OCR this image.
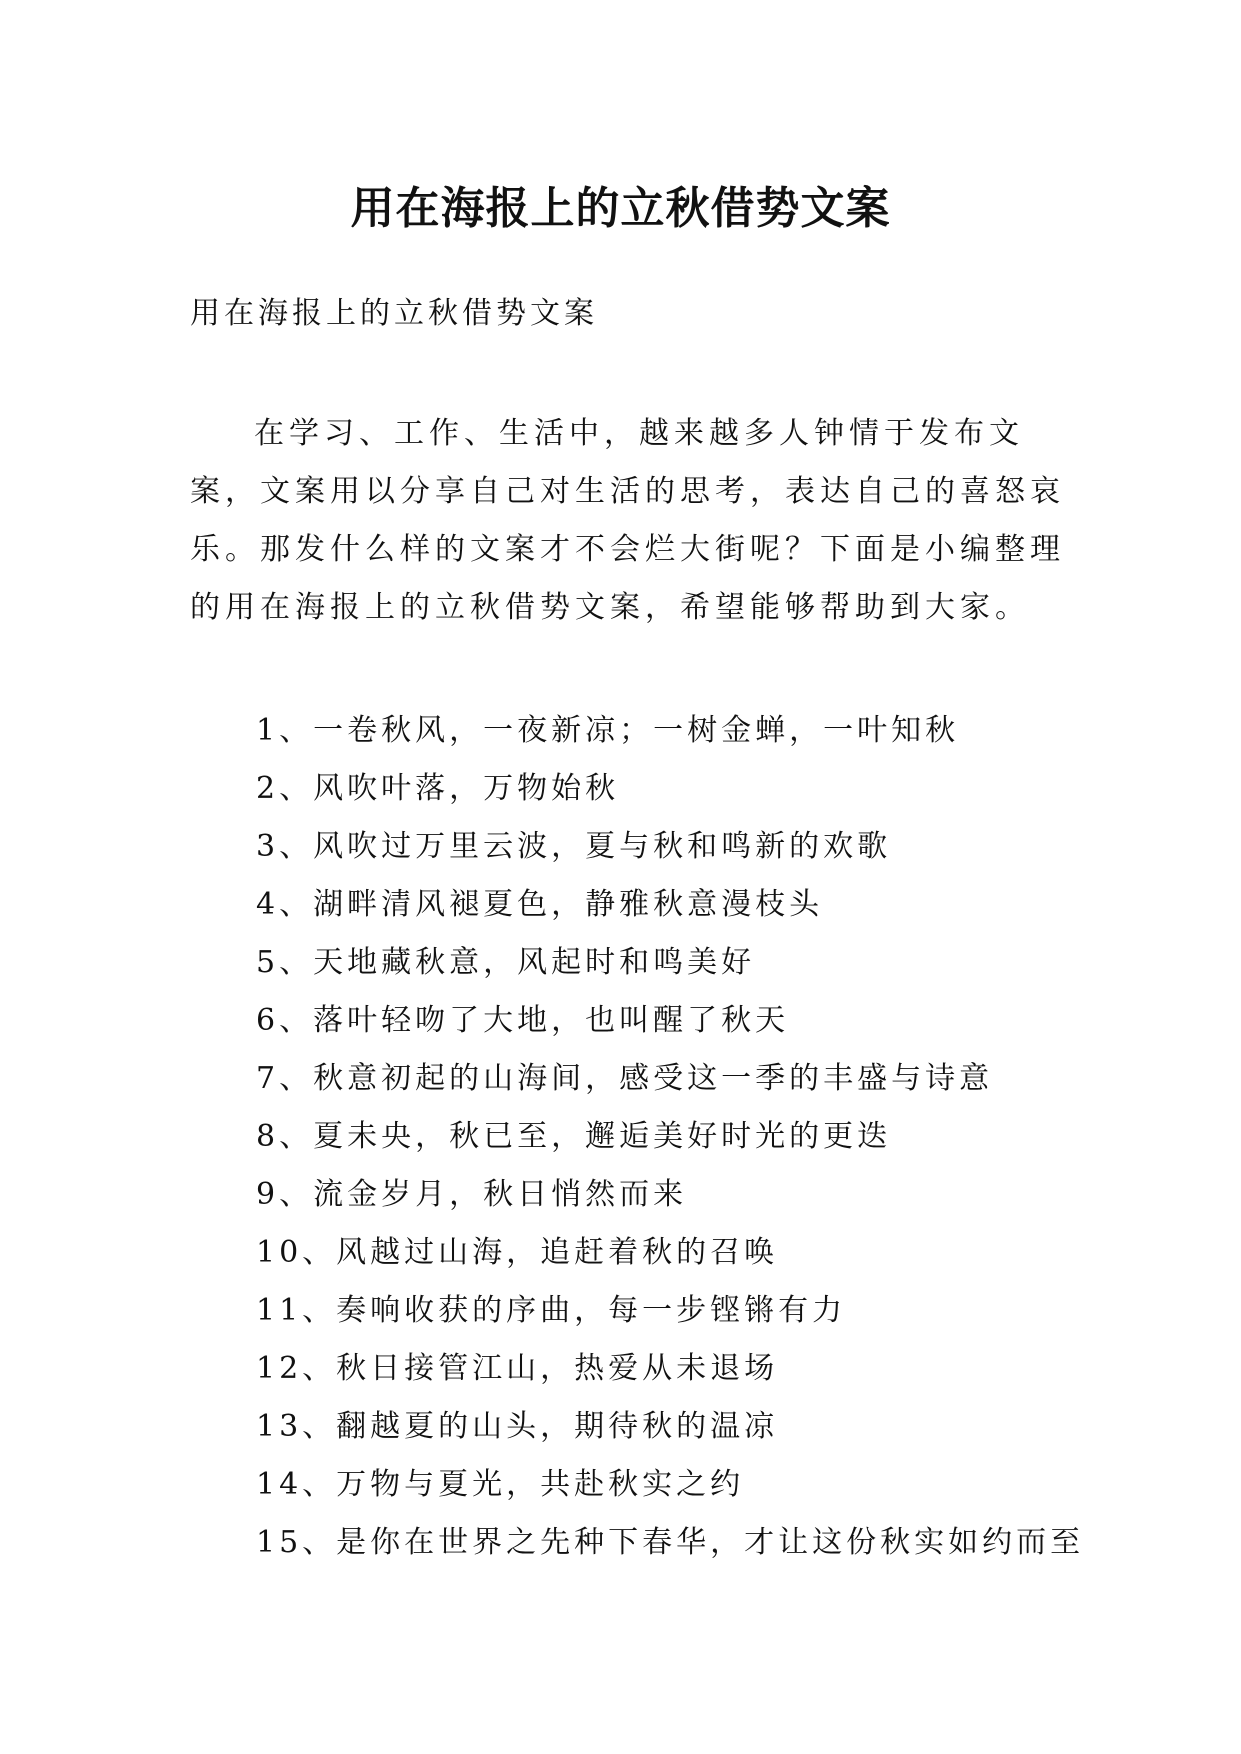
用在海报上的立秋借势文案
用在海报上的立秋借势文案

在学习、工作、生活中，越来越多人钟情于发布文案，文案用以分享自己对生活的思考，表达自己的喜怒哀乐。那发什么样的文案才不会烂大街呢？下面是小编整理的用在海报上的立秋借势文案，希望能够帮助到大家。

1、一卷秋风，一夜新凉；一树金蝉，一叶知秋
2、风吹叶落，万物始秋
3、风吹过万里云波，夏与秋和鸣新的欢歌
4、湖畔清风褪夏色，静雅秋意漫枝头
5、天地藏秋意，风起时和鸣美好
6、落叶轻吻了大地，也叫醒了秋天
7、秋意初起的山海间，感受这一季的丰盛与诗意
8、夏未央，秋已至，邂逅美好时光的更迭
9、流金岁月，秋日悄然而来
10、风越过山海，追赶着秋的召唤
11、奏响收获的序曲，每一步铿锵有力
12、秋日接管江山，热爱从未退场
13、翻越夏的山头，期待秋的温凉
14、万物与夏光，共赴秋实之约
15、是你在世界之先种下春华，才让这份秋实如约而至
